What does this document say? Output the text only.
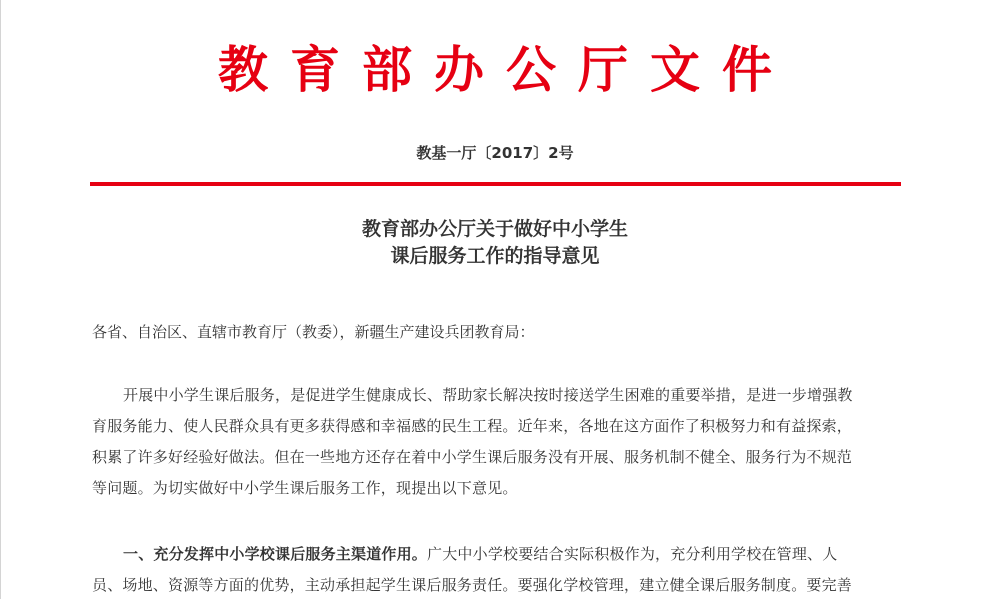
教育部办公厅文件
教基一厅〔2017〕2号
教育部办公厅关于做好中小学生
课后服务工作的指导意见
各省、自治区、直辖市教育厅（教委），新疆生产建设兵团教育局：
开展中小学生课后服务，是促进学生健康成长、帮助家长解决按时接送学生困难的重要举措，是进一步增强教
育服务能力、使人民群众具有更多获得感和幸福感的民生工程。近年来，各地在这方面作了积极努力和有益探索，
积累了许多好经验好做法。但在一些地方还存在着中小学生课后服务没有开展、服务机制不健全、服务行为不规范
等问题。为切实做好中小学生课后服务工作，现提出以下意见。
一、充分发挥中小学校课后服务主渠道作用。广大中小学校要结合实际积极作为，充分利用学校在管理、人
员、场地、资源等方面的优势，主动承担起学生课后服务责任。要强化学校管理，建立健全课后服务制度。要完善
